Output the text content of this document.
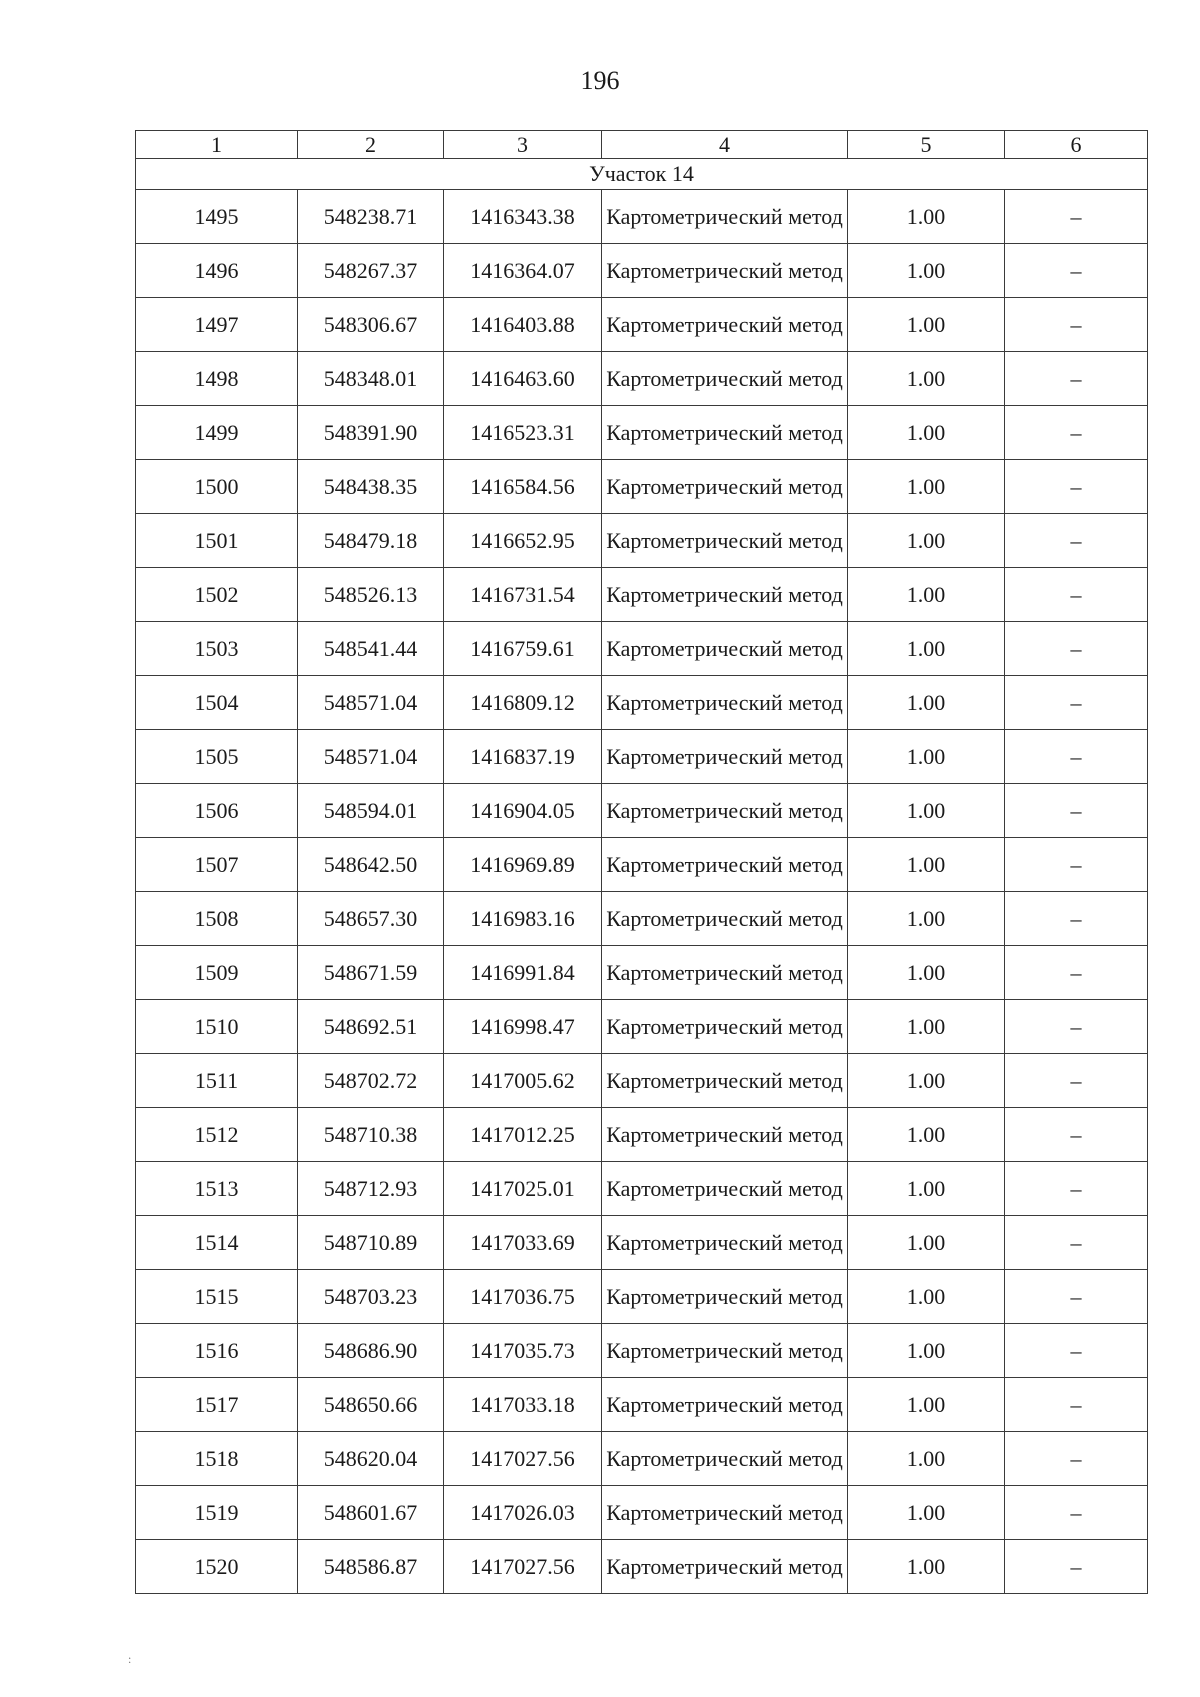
196
1	2	3	4	5	6
Участок 14					
1495	548238.71	1416343.38	Картометрический метод	1.00	–
1496	548267.37	1416364.07	Картометрический метод	1.00	–
1497	548306.67	1416403.88	Картометрический метод	1.00	–
1498	548348.01	1416463.60	Картометрический метод	1.00	–
1499	548391.90	1416523.31	Картометрический метод	1.00	–
1500	548438.35	1416584.56	Картометрический метод	1.00	–
1501	548479.18	1416652.95	Картометрический метод	1.00	–
1502	548526.13	1416731.54	Картометрический метод	1.00	–
1503	548541.44	1416759.61	Картометрический метод	1.00	–
1504	548571.04	1416809.12	Картометрический метод	1.00	–
1505	548571.04	1416837.19	Картометрический метод	1.00	–
1506	548594.01	1416904.05	Картометрический метод	1.00	–
1507	548642.50	1416969.89	Картометрический метод	1.00	–
1508	548657.30	1416983.16	Картометрический метод	1.00	–
1509	548671.59	1416991.84	Картометрический метод	1.00	–
1510	548692.51	1416998.47	Картометрический метод	1.00	–
1511	548702.72	1417005.62	Картометрический метод	1.00	–
1512	548710.38	1417012.25	Картометрический метод	1.00	–
1513	548712.93	1417025.01	Картометрический метод	1.00	–
1514	548710.89	1417033.69	Картометрический метод	1.00	–
1515	548703.23	1417036.75	Картометрический метод	1.00	–
1516	548686.90	1417035.73	Картометрический метод	1.00	–
1517	548650.66	1417033.18	Картометрический метод	1.00	–
1518	548620.04	1417027.56	Картометрический метод	1.00	–
1519	548601.67	1417026.03	Картометрический метод	1.00	–
1520	548586.87	1417027.56	Картометрический метод	1.00	–
:
